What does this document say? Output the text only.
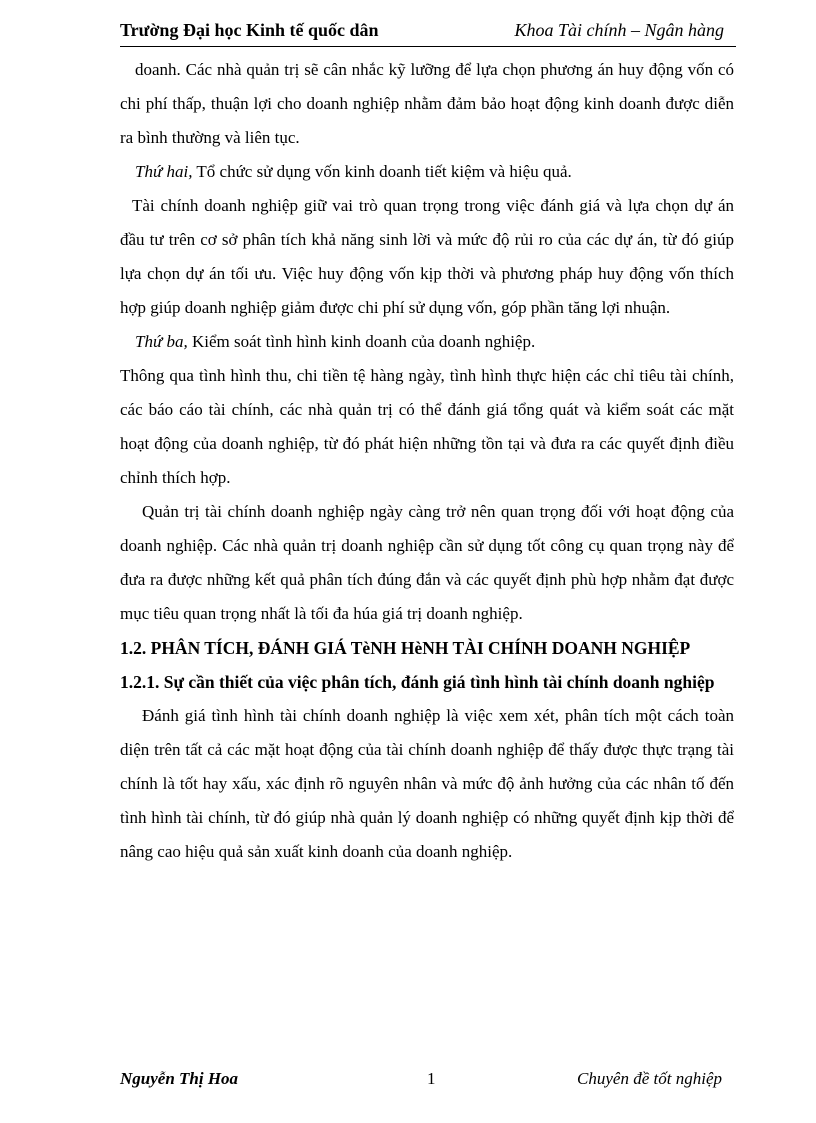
Trường Đại học Kinh tế quốc dân	Khoa Tài chính – Ngân hàng

doanh. Các nhà quản trị sẽ cân nhắc kỹ lưỡng để lựa chọn phương án huy động vốn có chi phí thấp, thuận lợi cho doanh nghiệp nhằm đảm bảo hoạt động kinh doanh được diễn ra bình thường và liên tục.

Thứ hai, Tổ chức sử dụng vốn kinh doanh tiết kiệm và hiệu quả.

Tài chính doanh nghiệp giữ vai trò quan trọng trong việc đánh giá và lựa chọn dự án đầu tư trên cơ sở phân tích khả năng sinh lời và mức độ rủi ro của các dự án, từ đó giúp lựa chọn dự án tối ưu. Việc huy động vốn kịp thời và phương pháp huy động vốn thích hợp giúp doanh nghiệp giảm được chi phí sử dụng vốn, góp phần tăng lợi nhuận.

Thứ ba, Kiểm soát tình hình kinh doanh của doanh nghiệp.

Thông qua tình hình thu, chi tiền tệ hàng ngày, tình hình thực hiện các chỉ tiêu tài chính, các báo cáo tài chính, các nhà quản trị có thể đánh giá tổng quát và kiểm soát các mặt hoạt động của doanh nghiệp, từ đó phát hiện những tồn tại và đưa ra các quyết định điều chỉnh thích hợp.

Quản trị tài chính doanh nghiệp ngày càng trở nên quan trọng đối với hoạt động của doanh nghiệp. Các nhà quản trị doanh nghiệp cần sử dụng tốt công cụ quan trọng này để đưa ra được những kết quả phân tích đúng đắn và các quyết định phù hợp nhằm đạt được mục tiêu quan trọng nhất là tối đa húa giá trị doanh nghiệp.

1.2. PHÂN TÍCH, ĐÁNH GIÁ TèNH HèNH TÀI CHÍNH DOANH NGHIỆP

1.2.1. Sự cần thiết của việc phân tích, đánh giá tình hình tài chính doanh nghiệp

Đánh giá tình hình tài chính doanh nghiệp là việc xem xét, phân tích một cách toàn diện trên tất cả các mặt hoạt động của tài chính doanh nghiệp để thấy được thực trạng tài chính là tốt hay xấu, xác định rõ nguyên nhân và mức độ ảnh hưởng của các nhân tố đến tình hình tài chính, từ đó giúp nhà quản lý doanh nghiệp có những quyết định kịp thời để nâng cao hiệu quả sản xuất kinh doanh của doanh nghiệp.

Nguyễn Thị Hoa	1	Chuyên đề tốt nghiệp
